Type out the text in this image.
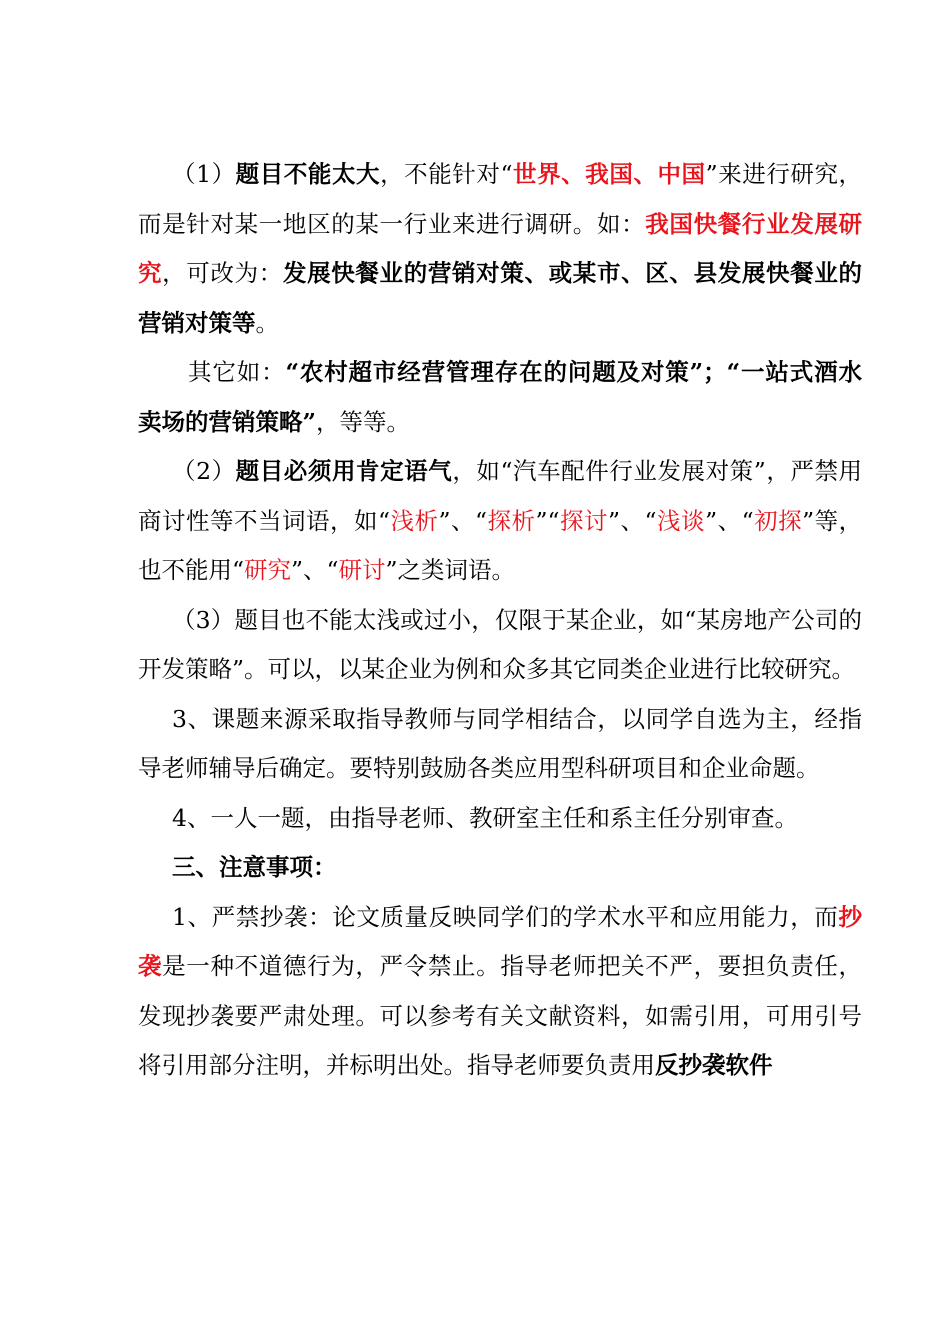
（1）题目不能太大，不能针对“世界、我国、中国”来进行研究，而是针对某一地区的某一行业来进行调研。如：我国快餐行业发展研究，可改为：发展快餐业的营销对策、或某市、区、县发展快餐业的营销对策等。

其它如：“农村超市经营管理存在的问题及对策”；“一站式酒水卖场的营销策略”，等等。

（2）题目必须用肯定语气，如“汽车配件行业发展对策”，严禁用商讨性等不当词语，如“浅析”、“探析”“探讨”、“浅谈”、“初探”等，也不能用“研究”、“研讨”之类词语。

（3）题目也不能太浅或过小，仅限于某企业，如“某房地产公司的开发策略”。可以，以某企业为例和众多其它同类企业进行比较研究。

3、课题来源采取指导教师与同学相结合，以同学自选为主，经指导老师辅导后确定。要特别鼓励各类应用型科研项目和企业命题。

4、一人一题，由指导老师、教研室主任和系主任分别审查。

三、注意事项：

1、严禁抄袭：论文质量反映同学们的学术水平和应用能力，而抄袭是一种不道德行为，严令禁止。指导老师把关不严，要担负责任，发现抄袭要严肃处理。可以参考有关文献资料，如需引用，可用引号将引用部分注明，并标明出处。指导老师要负责用反抄袭软件
